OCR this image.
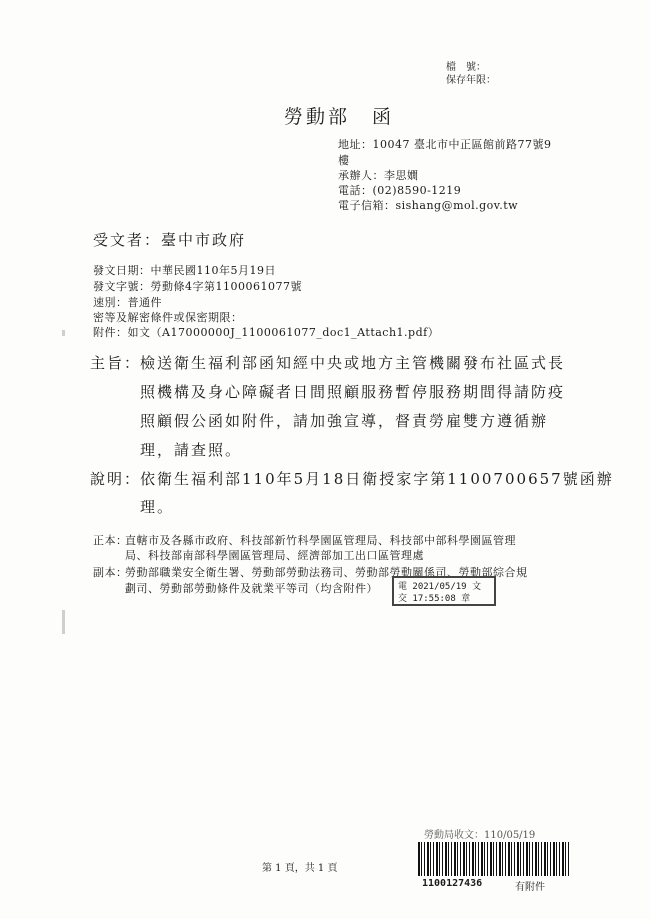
檔　號：
保存年限：
勞動部　函
地址：10047 臺北市中正區館前路77號9
樓
承辦人：李思嫺
電話：(02)8590-1219
電子信箱：sishang@mol.gov.tw
受文者：臺中市政府
發文日期：中華民國110年5月19日
發文字號：勞動條4字第1100061077號
速別：普通件
密等及解密條件或保密期限：
附件：如文（A17000000J_1100061077_doc1_Attach1.pdf）
主旨：
檢送衛生福利部函知經中央或地方主管機關發布社區式長
照機構及身心障礙者日間照顧服務暫停服務期間得請防疫
照顧假公函如附件，請加強宣導，督責勞雇雙方遵循辦
理，請查照。
說明：
依衛生福利部110年5月18日衛授家字第1100700657號函辦
理。
正本：
直轄市及各縣市政府、科技部新竹科學園區管理局、科技部中部科學園區管理
局、科技部南部科學園區管理局、經濟部加工出口區管理處
副本：
勞動部職業安全衛生署、勞動部勞動法務司、勞動部勞動關係司、勞動部綜合規
劃司、勞動部勞動條件及就業平等司（均含附件） 電 2021/05/19 文
交 17:55:08 章
第 1 頁，共 1 頁
勞動局收文：110/05/19
1100127436	有附件
